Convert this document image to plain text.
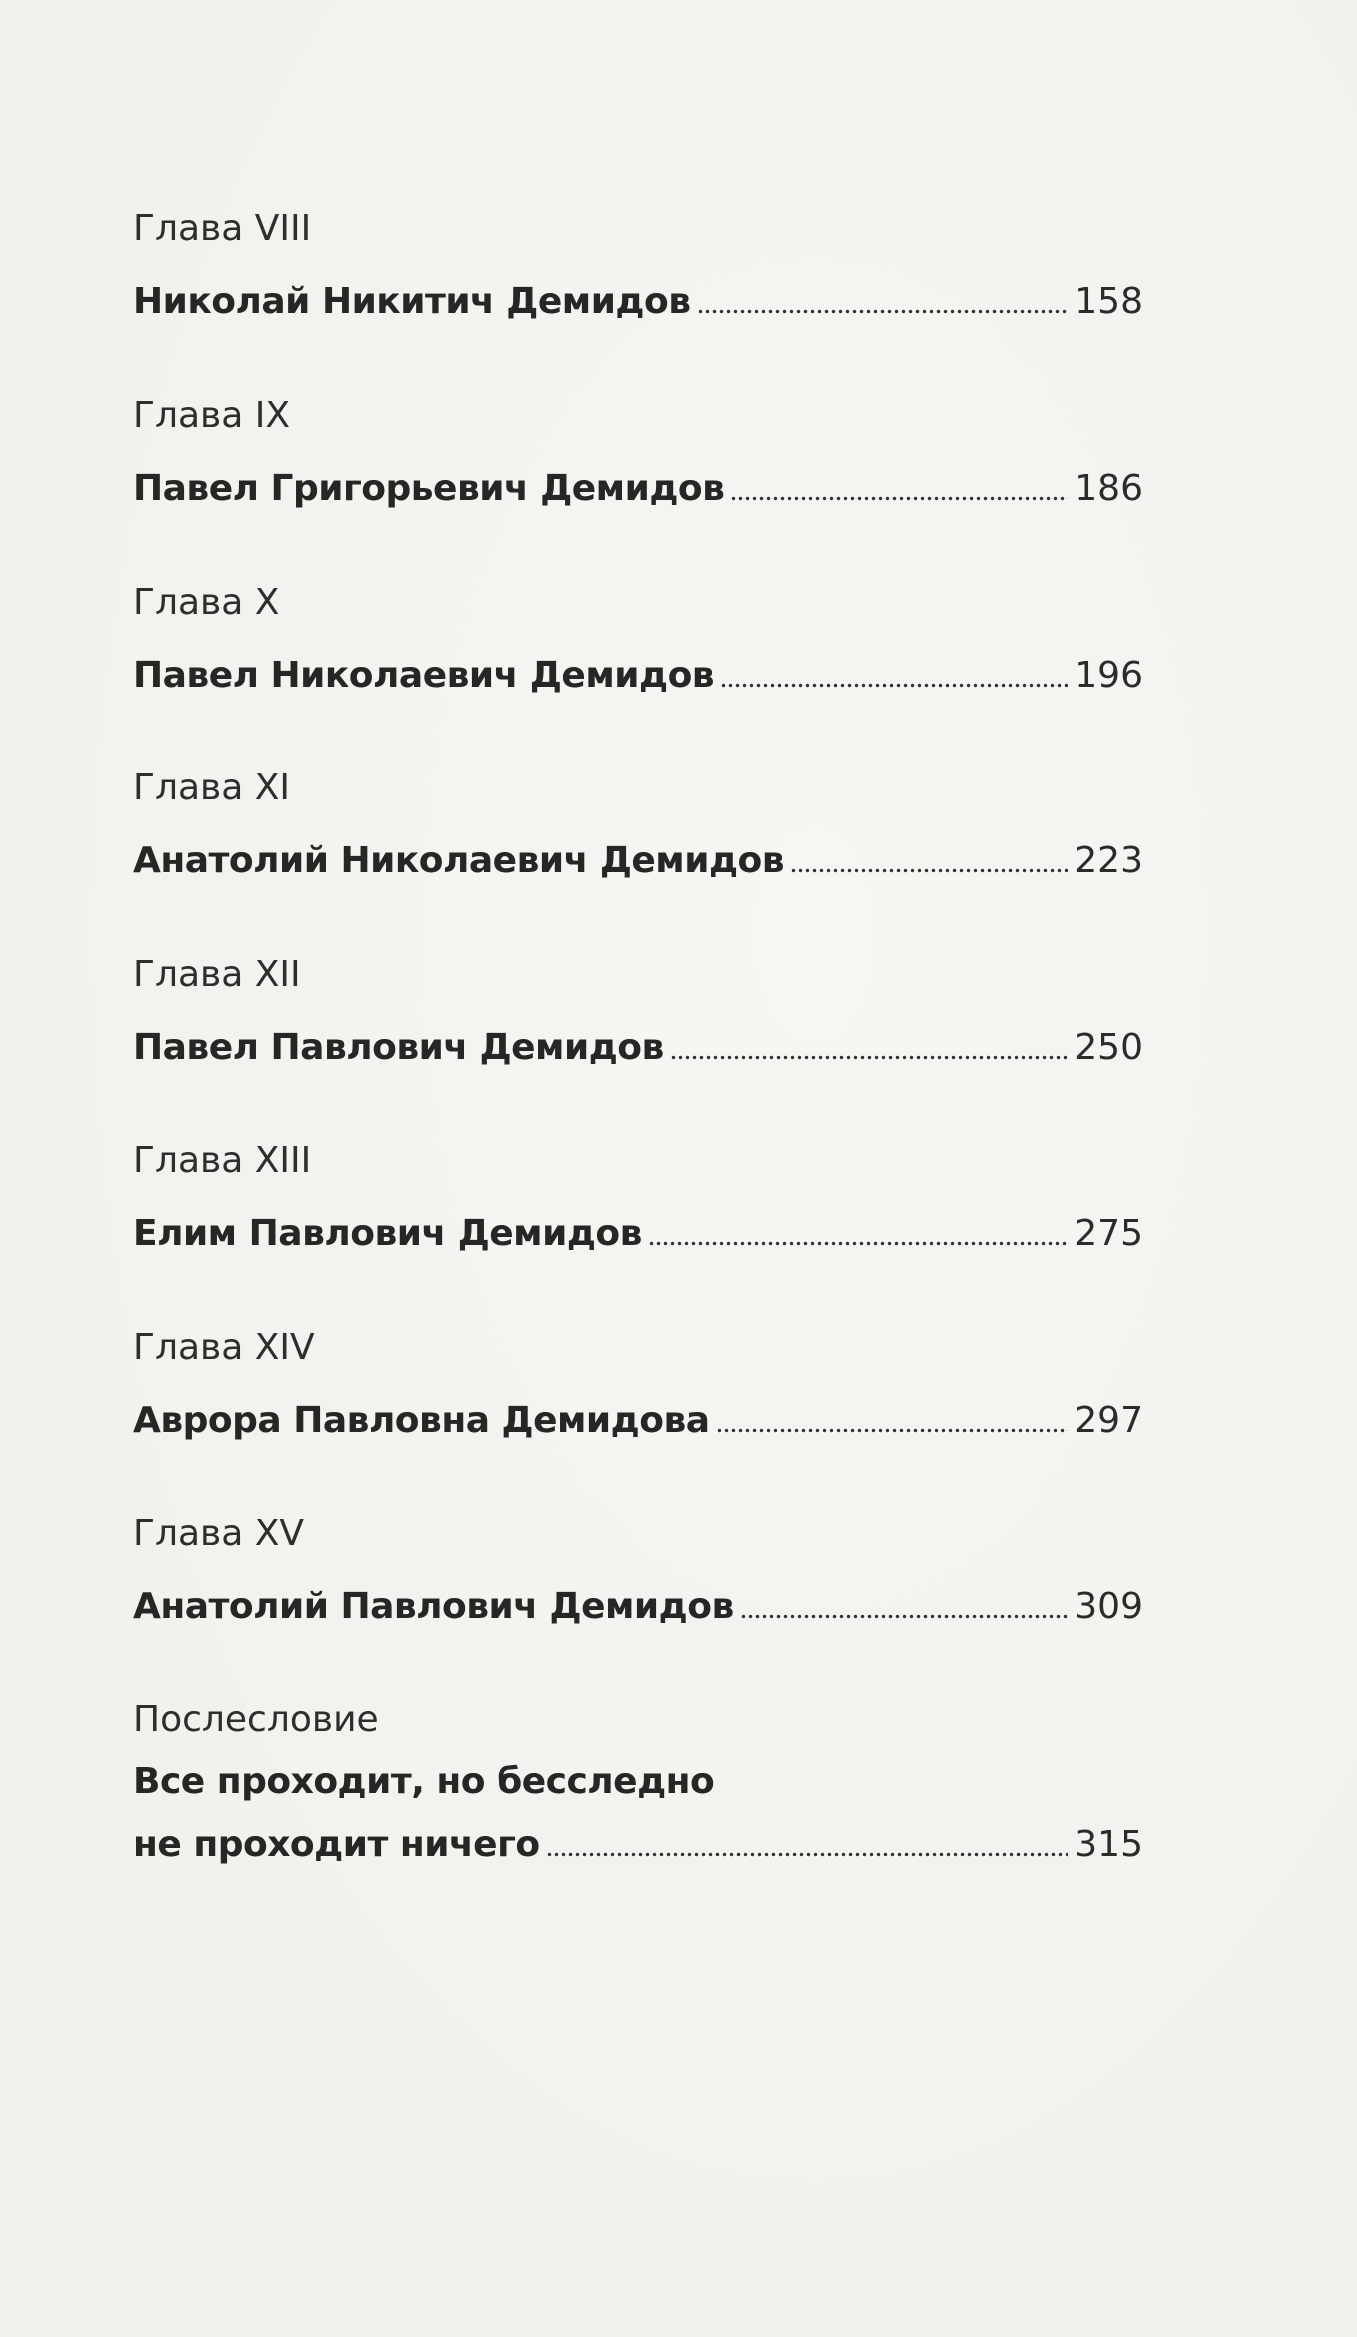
Глава VIII
Николай Никитич Демидов	158
Глава IX
Павел Григорьевич Демидов	186
Глава X
Павел Николаевич Демидов	196
Глава XI
Анатолий Николаевич Демидов	223
Глава XII
Павел Павлович Демидов	250
Глава XIII
Елим Павлович Демидов	275
Глава XIV
Аврора Павловна Демидова	297
Глава XV
Анатолий Павлович Демидов	309
Послесловие
Все проходит, но бесследно
не проходит ничего	315
